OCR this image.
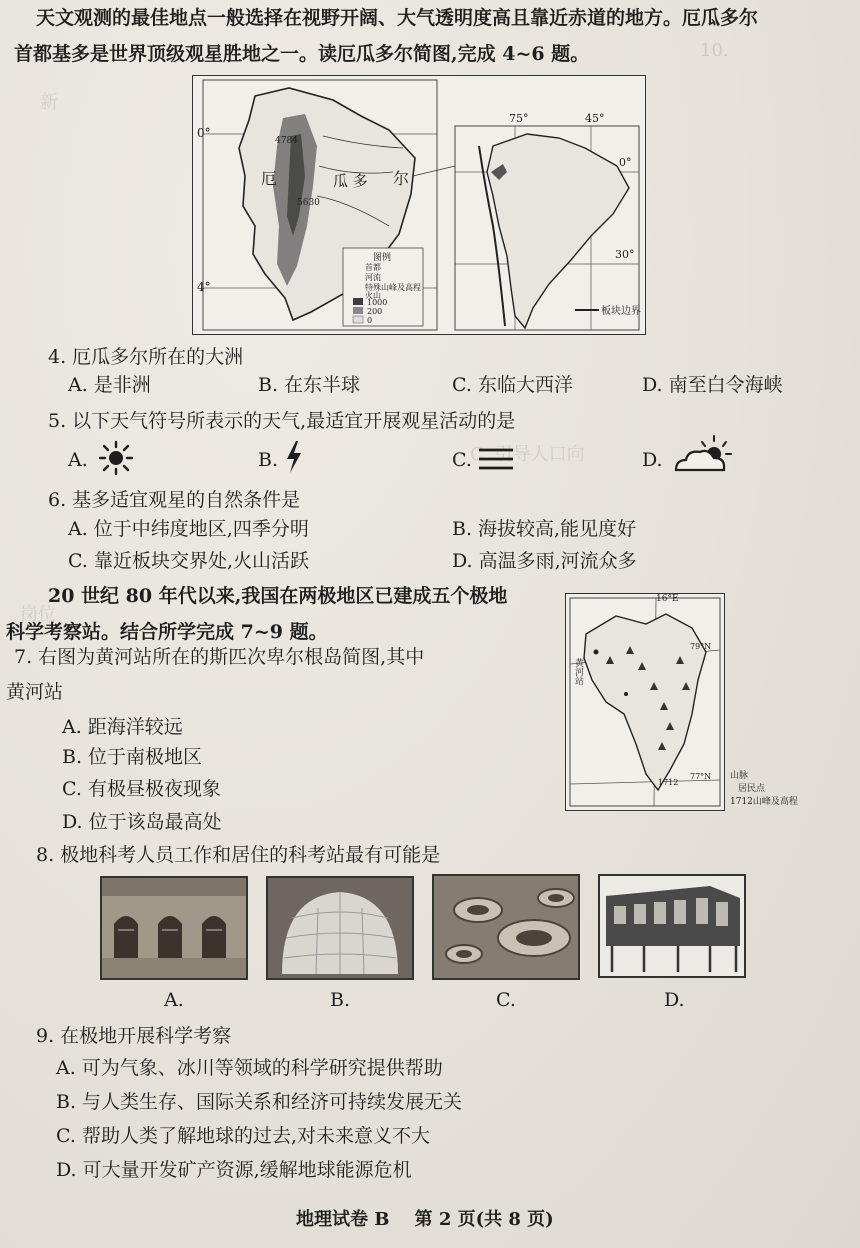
10.
新
C. 引导人口向
岗位
天文观测的最佳地点一般选择在视野开阔、大气透明度高且靠近赤道的地方。厄瓜多尔
首都基多是世界顶级观星胜地之一。读厄瓜多尔简图,完成 4~6 题。
0°
4°
厄	瓜 多 尔
4784
5630
图例
首都
河流
特殊山峰及高程
火山
1000
200
0
75°	45°
0°
30°
板块边界
4. 厄瓜多尔所在的大洲
A. 是非洲	B. 在东半球	C. 东临大西洋	D. 南至白令海峡
5. 以下天气符号所表示的天气,最适宜开展观星活动的是
A.	B.	C.	D.
6. 基多适宜观星的自然条件是
A. 位于中纬度地区,四季分明	B. 海拔较高,能见度好
C. 靠近板块交界处,火山活跃	D. 高温多雨,河流众多
20 世纪 80 年代以来,我国在两极地区已建成五个极地
科学考察站。结合所学完成 7~9 题。
16°E
79°N
77°N
黄河站
1712
山脉
居民点
1712山峰及高程
7. 右图为黄河站所在的斯匹次卑尔根岛简图,其中
黄河站
A. 距海洋较远
B. 位于南极地区
C. 有极昼极夜现象
D. 位于该岛最高处
8. 极地科考人员工作和居住的科考站最有可能是
A.	B.	C.	D.
9. 在极地开展科学考察
A. 可为气象、冰川等领域的科学研究提供帮助
B. 与人类生存、国际关系和经济可持续发展无关
C. 帮助人类了解地球的过去,对未来意义不大
D. 可大量开发矿产资源,缓解地球能源危机
地理试卷 B    第 2 页(共 8 页)
